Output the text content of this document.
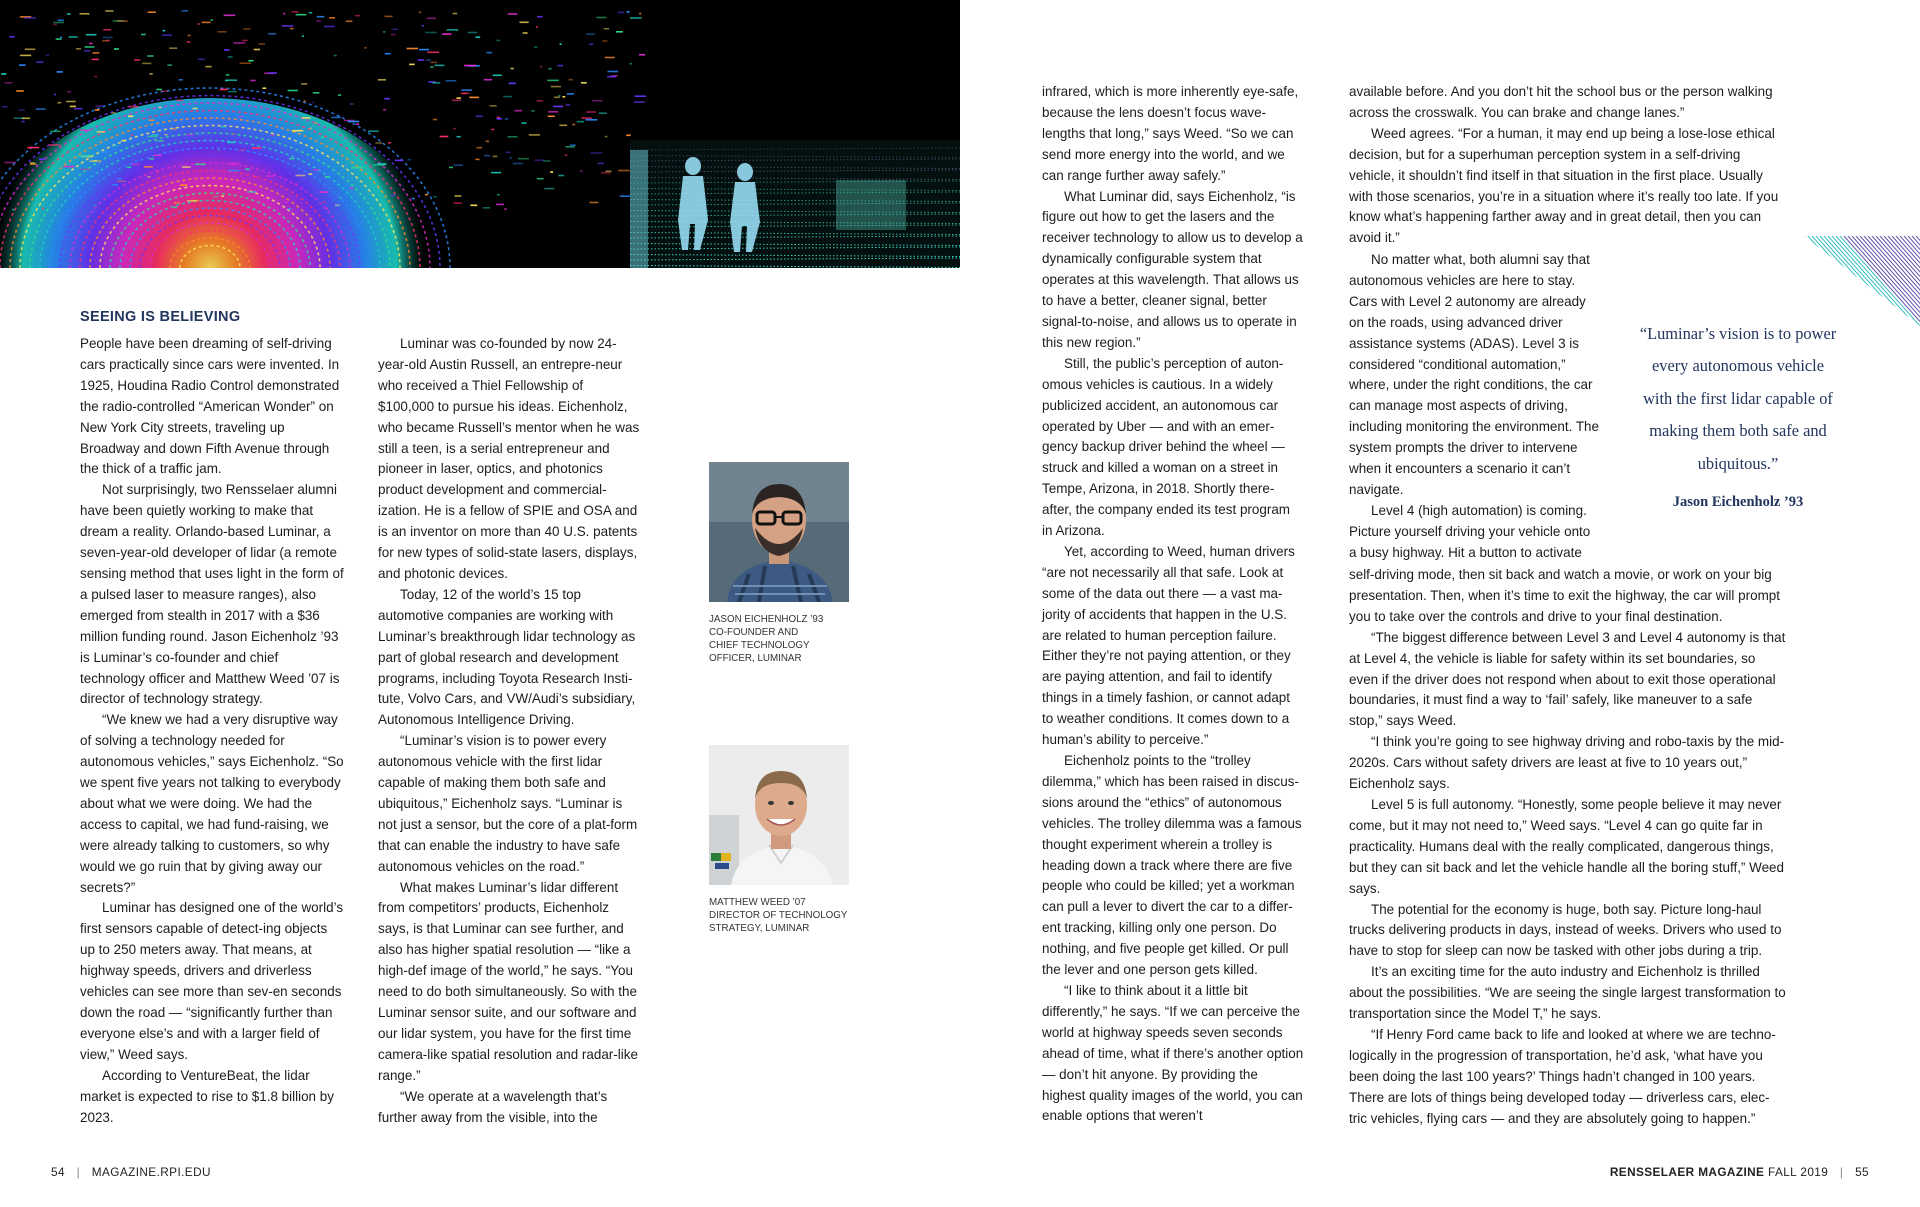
SEEING IS BELIEVING

People have been dreaming of self-driving cars practically since cars were invented. In 1925, Houdina Radio Control demonstrated the radio-controlled “American Wonder” on New York City streets, traveling up Broadway and down Fifth Avenue through the thick of a traffic jam.

Not surprisingly, two Rensselaer alumni have been quietly working to make that dream a reality. Orlando-based Luminar, a seven-year-old developer of lidar (a remote sensing method that uses light in the form of a pulsed laser to measure ranges), also emerged from stealth in 2017 with a $36 million funding round. Jason Eichenholz ’93 is Luminar’s co-founder and chief technology officer and Matthew Weed ’07 is director of technology strategy.

“We knew we had a very disruptive way of solving a technology needed for autonomous vehicles,” says Eichenholz. “So we spent five years not talking to everybody about what we were doing. We had the access to capital, we had fund-raising, we were already talking to customers, so why would we go ruin that by giving away our secrets?”

Luminar has designed one of the world’s first sensors capable of detect-ing objects up to 250 meters away. That means, at highway speeds, drivers and driverless vehicles can see more than sev-en seconds down the road — “significantly further than everyone else’s and with a larger field of view,” Weed says.

According to VentureBeat, the lidar market is expected to rise to $1.8 billion by 2023.

Luminar was co-founded by now 24-year-old Austin Russell, an entrepre-neur who received a Thiel Fellowship of $100,000 to pursue his ideas. Eichenholz, who became Russell’s mentor when he was still a teen, is a serial entrepreneur and pioneer in laser, optics, and photonics product development and commercial-ization. He is a fellow of SPIE and OSA and is an inventor on more than 40 U.S. patents for new types of solid-state lasers, displays, and photonic devices.

Today, 12 of the world’s 15 top automotive companies are working with Luminar’s breakthrough lidar technology as part of global research and development programs, including Toyota Research Insti-tute, Volvo Cars, and VW/Audi’s subsidiary, Autonomous Intelligence Driving.

“Luminar’s vision is to power every autonomous vehicle with the first lidar capable of making them both safe and ubiquitous,” Eichenholz says. “Luminar is not just a sensor, but the core of a plat-form that can enable the industry to have safe autonomous vehicles on the road.”

What makes Luminar’s lidar different from competitors’ products, Eichenholz says, is that Luminar can see further, and also has higher spatial resolution — “like a high-def image of the world,” he says. “You need to do both simultaneously. So with the Luminar sensor suite, and our software and our lidar system, you have for the first time camera-like spatial resolution and radar-like range.”

“We operate at a wavelength that’s further away from the visible, into the

infrared, which is more inherently eye-safe, because the lens doesn’t focus wave-lengths that long,” says Weed. “So we can send more energy into the world, and we can range further away safely.”

What Luminar did, says Eichenholz, “is figure out how to get the lasers and the receiver technology to allow us to develop a dynamically configurable system that operates at this wavelength. That allows us to have a better, cleaner signal, better signal-to-noise, and allows us to operate in this new region.”

Still, the public’s perception of auton-omous vehicles is cautious. In a widely publicized accident, an autonomous car operated by Uber — and with an emer-gency backup driver behind the wheel — struck and killed a woman on a street in Tempe, Arizona, in 2018. Shortly there-after, the company ended its test program in Arizona.

Yet, according to Weed, human drivers “are not necessarily all that safe. Look at some of the data out there — a vast ma-jority of accidents that happen in the U.S. are related to human perception failure. Either they’re not paying attention, or they are paying attention, and fail to identify things in a timely fashion, or cannot adapt to weather conditions. It comes down to a human’s ability to perceive.”

Eichenholz points to the “trolley dilemma,” which has been raised in discus-sions around the “ethics” of autonomous vehicles. The trolley dilemma was a famous thought experiment wherein a trolley is heading down a track where there are five people who could be killed; yet a workman can pull a lever to divert the car to a differ-ent tracking, killing only one person. Do nothing, and five people get killed. Or pull the lever and one person gets killed.

“I like to think about it a little bit differently,” he says. “If we can perceive the world at highway speeds seven seconds ahead of time, what if there’s another option — don’t hit anyone. By providing the highest quality images of the world, you can enable options that weren’t

available before. And you don’t hit the school bus or the person walking across the crosswalk. You can brake and change lanes.”

Weed agrees. “For a human, it may end up being a lose-lose ethical decision, but for a superhuman perception system in a self-driving vehicle, it shouldn’t find itself in that situation in the first place. Usually with those scenarios, you’re in a situation where it’s really too late. If you know what’s happening farther away and in great detail, then you can avoid it.”

No matter what, both alumni say that autonomous vehicles are here to stay. Cars with Level 2 autonomy are already on the roads, using advanced driver assistance systems (ADAS). Level 3 is considered “conditional automation,” where, under the right conditions, the car can manage most aspects of driving, including monitoring the environment. The system prompts the driver to intervene when it encounters a scenario it can’t navigate.

Level 4 (high automation) is coming. Picture yourself driving your vehicle onto a busy highway. Hit a button to activate

self-driving mode, then sit back and watch a movie, or work on your big presentation. Then, when it’s time to exit the highway, the car will prompt you to take over the controls and drive to your final destination.

“The biggest difference between Level 3 and Level 4 autonomy is that at Level 4, the vehicle is liable for safety within its set boundaries, so even if the driver does not respond when about to exit those operational boundaries, it must find a way to ‘fail’ safely, like maneuver to a safe stop,” says Weed.

“I think you’re going to see highway driving and robo-taxis by the mid-2020s. Cars without safety drivers are least at five to 10 years out,” Eichenholz says.

Level 5 is full autonomy. “Honestly, some people believe it may never come, but it may not need to,” Weed says. “Level 4 can go quite far in practicality. Humans deal with the really complicated, dangerous things, but they can sit back and let the vehicle handle all the boring stuff,” Weed says.

The potential for the economy is huge, both say. Picture long-haul trucks delivering products in days, instead of weeks. Drivers who used to have to stop for sleep can now be tasked with other jobs during a trip.

It’s an exciting time for the auto industry and Eichenholz is thrilled about the possibilities. “We are seeing the single largest transformation to transportation since the Model T,” he says.

“If Henry Ford came back to life and looked at where we are techno-logically in the progression of transportation, he’d ask, ‘what have you been doing the last 100 years?’ Things hadn’t changed in 100 years. There are lots of things being developed today — driverless cars, elec-tric vehicles, flying cars — and they are absolutely going to happen.”

JASON EICHENHOLZ ’93
CO-FOUNDER AND
CHIEF TECHNOLOGY
OFFICER, LUMINAR
MATTHEW WEED ’07
DIRECTOR OF TECHNOLOGY
STRATEGY, LUMINAR
“Luminar’s vision is to power every autonomous vehicle with the first lidar capable of making them both safe and ubiquitous.”
Jason Eichenholz ’93
54 | MAGAZINE.RPI.EDU	RENSSELAER MAGAZINE FALL 2019 | 55
